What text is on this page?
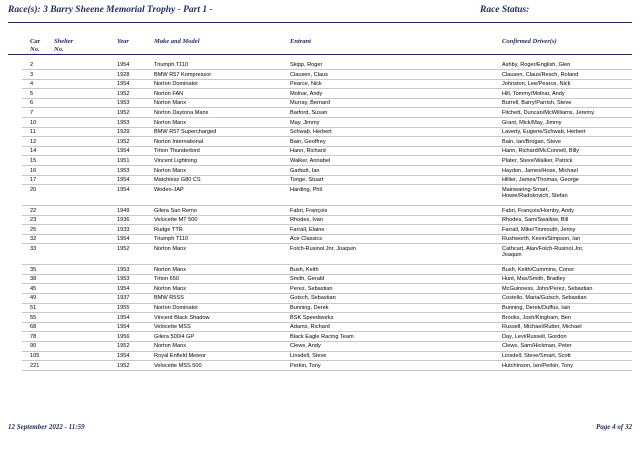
Race(s): 3 Barry Sheene Memorial Trophy - Part 1 -	Race Status:
Car
No.
Shelter
No.
Year	Make and Model	Entrant	Confirmed Driver(s)
2	1954	Triumph T110	Skipp, Roger	Ashby, Roger/English, Glen
3	1928	BMW R57 Kompressor	Clausen, Claus	Clausen, Claus/Resch, Roland
4	1954	Norton Dominator	Pearce, Nick	Johnston, Lee/Pearce, Nick
5	1952	Norton FAN	Molnar, Andy	Hill, Tommy/Molnar, Andy
6	1953	Norton Manx	Murray, Bernard	Burrell, Barry/Parrish, Steve
7	1952	Norton Daytona Manx	Barford, Susan	Fitchett, Duncan/McWilliams, Jeremy
10	1953	Norton Manx	May, Jimmy	Grant, Mick/May, Jimmy
11	1929	BMW R57 Supercharged	Schwab, Herbert	Laverty, Eugene/Schwab, Herbert
12	1952	Norton International	Bain, Geoffrey	Bain, Ian/Brogan, Steve
14	1954	Triton Thunderbird	Hann, Richard	Hann, Richard/McConnell, Billy
15	1951	Vincent Lightning	Walker, Annabel	Plater, Steve/Walker, Patrick
16	1953	Norton Manx	Garbutt, Ian	Haydon, James/Hose, Michael
17	1954	Matchless G80 CS	Tonge, Stuart	Hillier, James/Thomas, George
20	1954	Woden-JAP	Harding, Phil	Mainwaring-Smart,
Howie/Radokovich, Stefan
22	1949	Gilera San Remo	Fabri, François	Fabri, François/Hornby, Andy
23	1936	Velocette MT 500	Rhodes, Ivan	Rhodes, Sam/Swallow, Bill
25	1933	Rudge TTR	Farrall, Elaine	Farrall, Mike/Tinmouth, Jenny
32	1954	Triumph T110	Ace Classics	Rushworth, Kevin/Simpson, Ian
33	1952	Norton Manx	Folch-Rusinol Jnr, Joaquin	Cathcart, Alan/Folch-Rusinol Jnr,
Joaquin
35	1953	Norton Manx	Bush, Keith	Bush, Keith/Cummins, Conor
38	1953	Triton 650	Smith, Gerald	Hunt, Max/Smith, Bradley
45	1954	Norton Manx	Perez, Sebastian	McGuinness, John/Perez, Sebastian
49	1937	BMW R5SS	Gutsch, Sebastian	Costello, Maria/Gutsch, Sebastian
51	1955	Norton Dominator	Bunning, Derek	Bunning, Derek/Duffus, Iain
55	1954	Vincent Black Shadow	BSK Speedworks	Brooks, Josh/Kingham, Ben
68	1954	Velocette MSS	Adams, Richard	Russell, Michael/Rutter, Michael
78	1956	Gilera 500/4 GP	Black Eagle Racing Team	Day, Levi/Russell, Gordon
90	1952	Norton Manx	Clews, Andy	Clews, Sam/Hickman, Peter
105	1954	Royal Enfield Meteor	Linsdell, Steve	Linsdell, Steve/Smart, Scott
221	1952	Velocette MSS 500	Perkin, Tony	Hutchinson, Ian/Perkin, Tony
12 September 2022 - 11:59	Page 4 of 32
